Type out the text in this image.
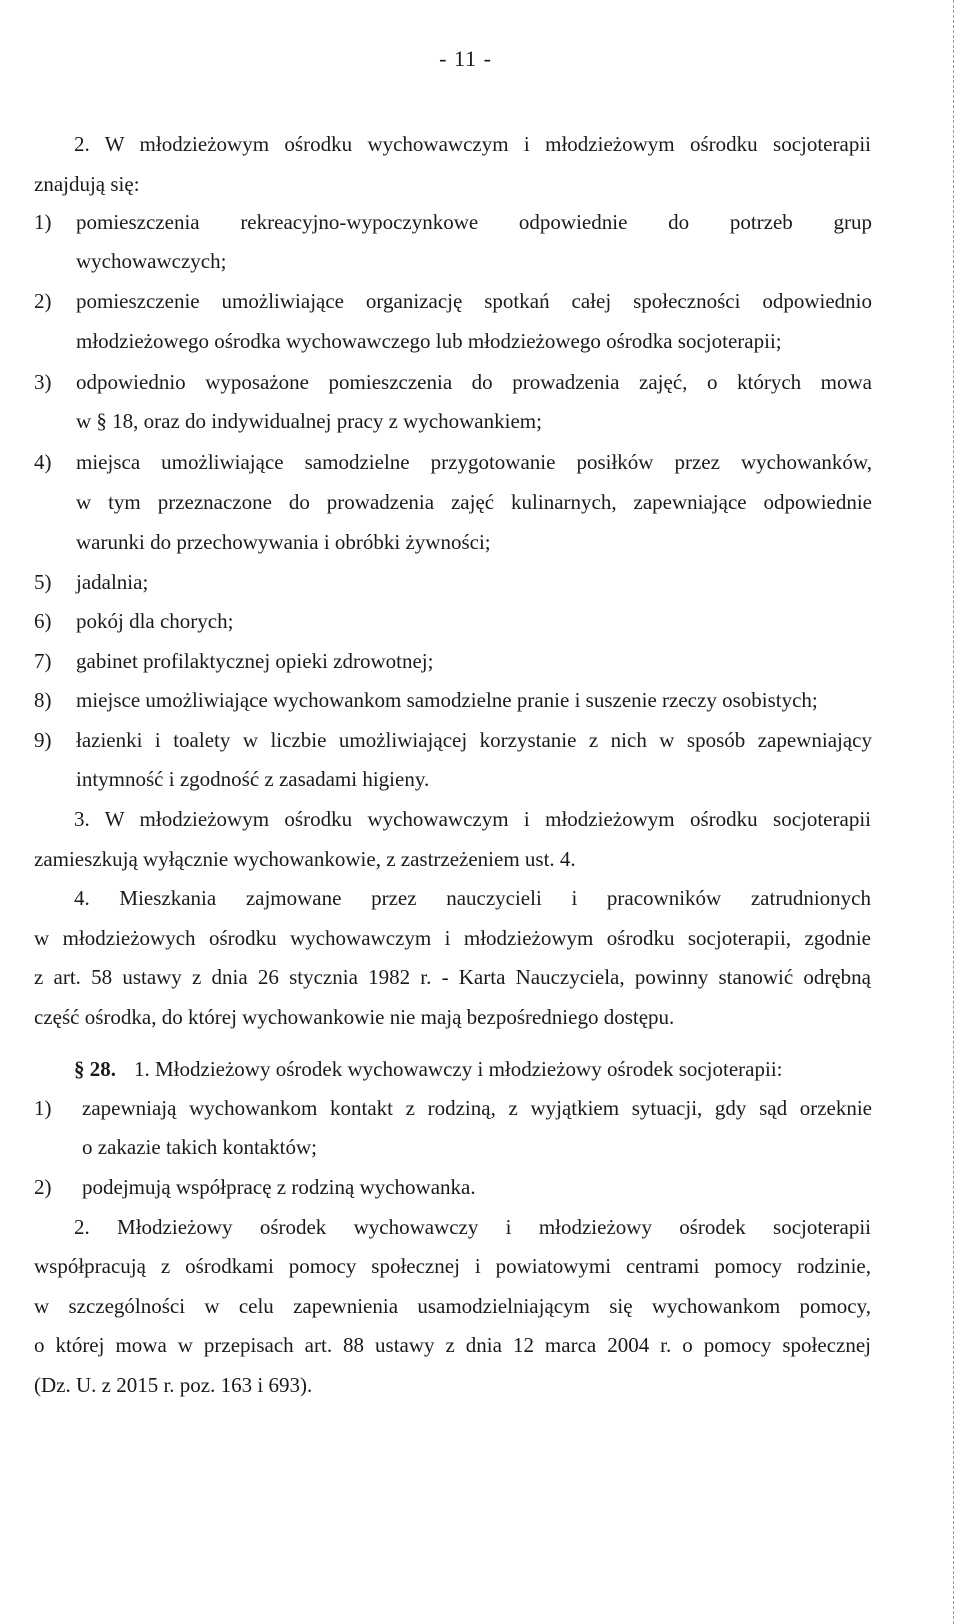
- 11 -
2. W młodzieżowym ośrodku wychowawczym i młodzieżowym ośrodku socjoterapii
znajdują się:
1) pomieszczenia rekreacyjno-wypoczynkowe odpowiednie do potrzeb grup
wychowawczych;
2) pomieszczenie umożliwiające organizację spotkań całej społeczności odpowiednio
młodzieżowego ośrodka wychowawczego lub młodzieżowego ośrodka socjoterapii;
3) odpowiednio wyposażone pomieszczenia do prowadzenia zajęć, o których mowa
w § 18, oraz do indywidualnej pracy z wychowankiem;
4) miejsca umożliwiające samodzielne przygotowanie posiłków przez wychowanków,
w tym przeznaczone do prowadzenia zajęć kulinarnych, zapewniające odpowiednie
warunki do przechowywania i obróbki żywności;
5) jadalnia;
6) pokój dla chorych;
7) gabinet profilaktycznej opieki zdrowotnej;
8) miejsce umożliwiające wychowankom samodzielne pranie i suszenie rzeczy osobistych;
9) łazienki i toalety w liczbie umożliwiającej korzystanie z nich w sposób zapewniający
intymność i zgodność z zasadami higieny.
3. W młodzieżowym ośrodku wychowawczym i młodzieżowym ośrodku socjoterapii
zamieszkują wyłącznie wychowankowie, z zastrzeżeniem ust. 4.
4. Mieszkania zajmowane przez nauczycieli i pracowników zatrudnionych
w młodzieżowych ośrodku wychowawczym i młodzieżowym ośrodku socjoterapii, zgodnie
z art. 58 ustawy z dnia 26 stycznia 1982 r. - Karta Nauczyciela, powinny stanowić odrębną
część ośrodka, do której wychowankowie nie mają bezpośredniego dostępu.
§ 28. 1. Młodzieżowy ośrodek wychowawczy i młodzieżowy ośrodek socjoterapii:
1) zapewniają wychowankom kontakt z rodziną, z wyjątkiem sytuacji, gdy sąd orzeknie
o zakazie takich kontaktów;
2) podejmują współpracę z rodziną wychowanka.
2. Młodzieżowy ośrodek wychowawczy i młodzieżowy ośrodek socjoterapii
współpracują z ośrodkami pomocy społecznej i powiatowymi centrami pomocy rodzinie,
w szczególności w celu zapewnienia usamodzielniającym się wychowankom pomocy,
o której mowa w przepisach art. 88 ustawy z dnia 12 marca 2004 r. o pomocy społecznej
(Dz. U. z 2015 r. poz. 163 i 693).
